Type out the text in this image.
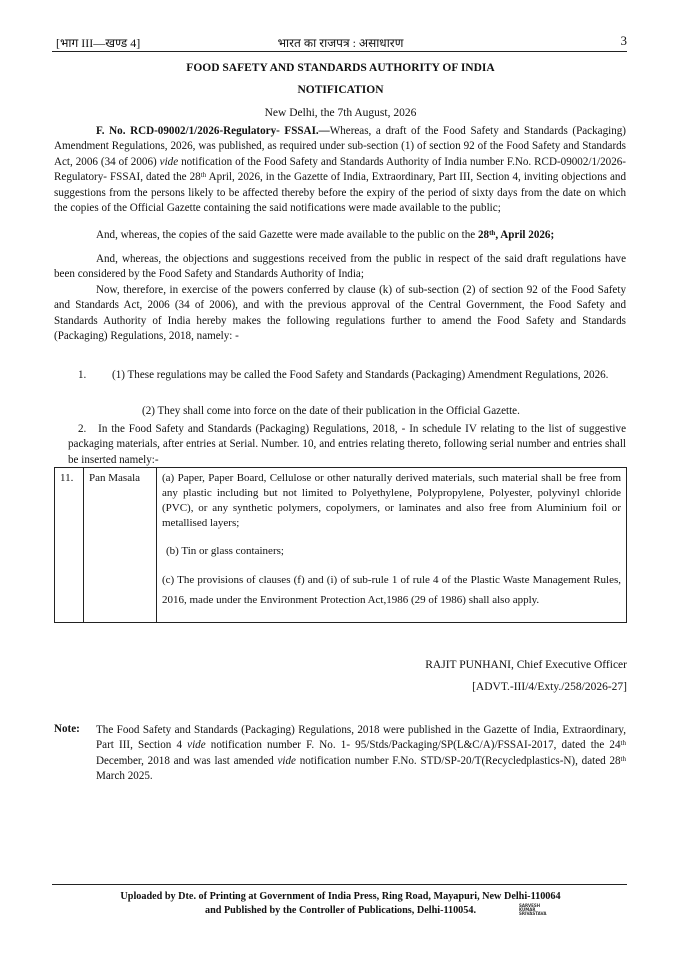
[भाग III—खण्ड 4]	भारत का राजपत्र : असाधारण	3
FOOD SAFETY AND STANDARDS AUTHORITY OF INDIA
NOTIFICATION
New Delhi, the 7th August, 2026

F. No. RCD-09002/1/2026-Regulatory- FSSAI.—Whereas, a draft of the Food Safety and Standards (Packaging) Amendment Regulations, 2026, was published, as required under sub-section (1) of section 92 of the Food Safety and Standards Act, 2006 (34 of 2006) vide notification of the Food Safety and Standards Authority of India number F.No. RCD-09002/1/2026-Regulatory- FSSAI, dated the 28th April, 2026, in the Gazette of India, Extraordinary, Part III, Section 4, inviting objections and suggestions from the persons likely to be affected thereby before the expiry of the period of sixty days from the date on which the copies of the Official Gazette containing the said notifications were made available to the public;

And, whereas, the copies of the said Gazette were made available to the public on the 28th, April 2026;

And, whereas, the objections and suggestions received from the public in respect of the said draft regulations have been considered by the Food Safety and Standards Authority of India;

Now, therefore, in exercise of the powers conferred by clause (k) of sub-section (2) of section 92 of the Food Safety and Standards Act, 2006 (34 of 2006), and with the previous approval of the Central Government, the Food Safety and Standards Authority of India hereby makes the following regulations further to amend the Food Safety and Standards (Packaging) Regulations, 2018, namely: -

1.	(1) These regulations may be called the Food Safety and Standards (Packaging) Amendment Regulations, 2026.

(2) They shall come into force on the date of their publication in the Official Gazette.

2. In the Food Safety and Standards (Packaging) Regulations, 2018, - In schedule IV relating to the list of suggestive packaging materials, after entries at Serial. Number. 10, and entries relating thereto, following serial number and entries shall be inserted namely:-

11.	Pan Masala	(a) Paper, Paper Board, Cellulose or other naturally derived materials, such material shall be free from any plastic including but not limited to Polyethylene, Polypropylene, Polyester, polyvinyl chloride (PVC), or any synthetic polymers, copolymers, or laminates and also free from Aluminium foil or metallised layers;

(b) Tin or glass containers;

(c) The provisions of clauses (f) and (i) of sub-rule 1 of rule 4 of the Plastic Waste Management Rules, 2016, made under the Environment Protection Act,1986 (29 of 1986) shall also apply.

RAJIT PUNHANI, Chief Executive Officer
[ADVT.-III/4/Exty./258/2026-27]
Note: The Food Safety and Standards (Packaging) Regulations, 2018 were published in the Gazette of India, Extraordinary, Part III, Section 4 vide notification number F. No. 1- 95/Stds/Packaging/SP(L&C/A)/FSSAI-2017, dated the 24th December, 2018 and was last amended vide notification number F.No. STD/SP-20/T(Recycledplastics-N), dated 28th March 2025.

Uploaded by Dte. of Printing at Government of India Press, Ring Road, Mayapuri, New Delhi-110064
and Published by the Controller of Publications, Delhi-110054.	SARVESH KUMAR SRIVASTAVA
